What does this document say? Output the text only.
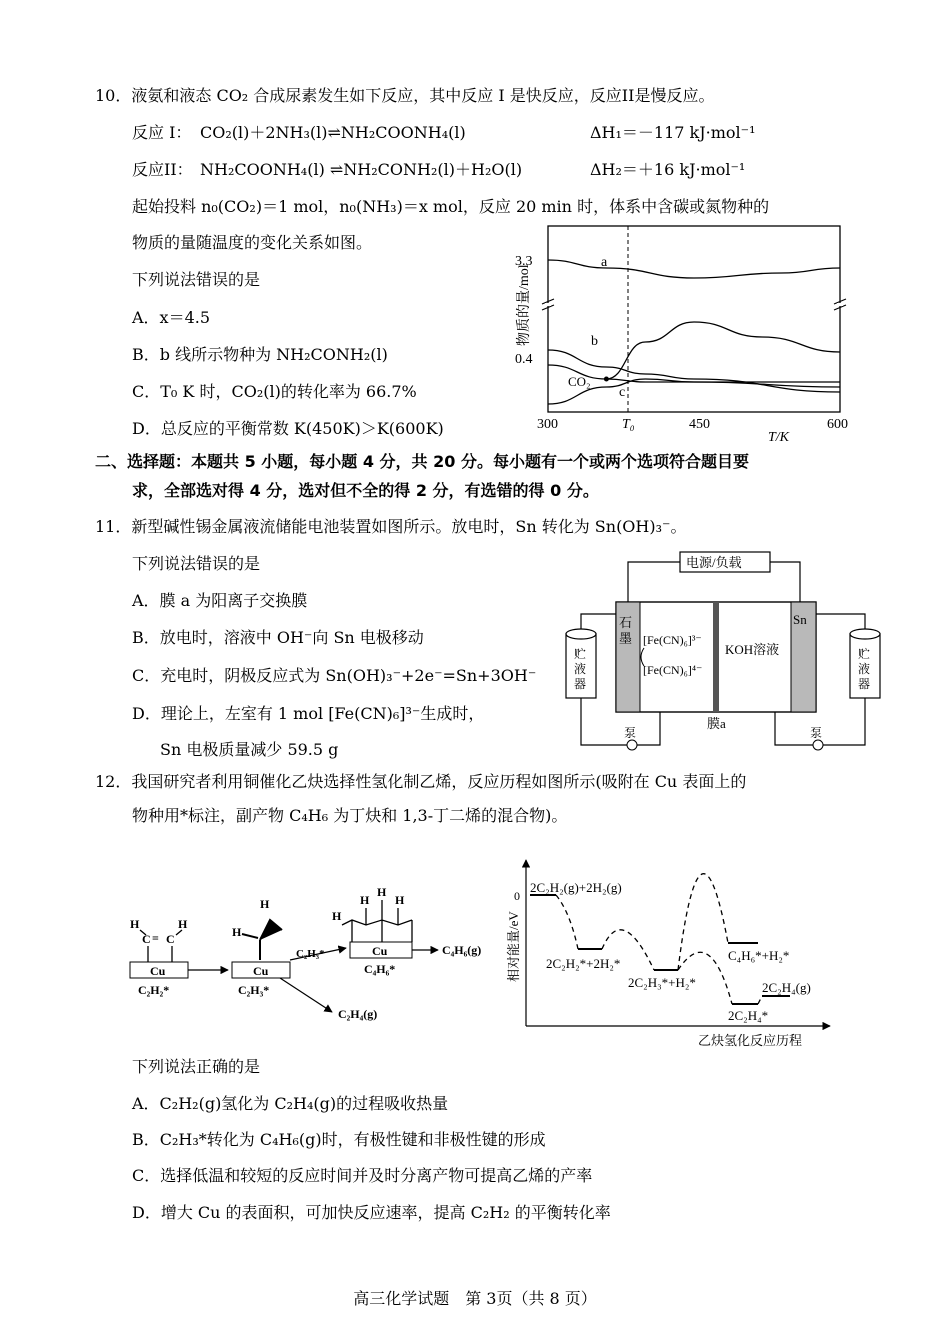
10．液氨和液态 CO₂ 合成尿素发生如下反应，其中反应 I 是快反应，反应II是慢反应。
反应 I： CO₂(l)＋2NH₃(l)⇌NH₂COONH₄(l)	ΔH₁＝－117 kJ·mol⁻¹
反应II： NH₂COONH₄(l) ⇌NH₂CONH₂(l)＋H₂O(l)	ΔH₂＝＋16 kJ·mol⁻¹
起始投料 n₀(CO₂)＝1 mol，n₀(NH₃)＝x mol，反应 20 min 时，体系中含碳或氮物种的
物质的量随温度的变化关系如图。
下列说法错误的是
A．x＝4.5
B．b 线所示物种为 NH₂CONH₂(l)
C．T₀ K 时，CO₂(l)的转化率为 66.7%
D．总反应的平衡常数 K(450K)＞K(600K)
3.3
0.4
300	T₀	450	600
T/K
物质的量/mol
a
b
CO₂
c
二、选择题：本题共 5 小题，每小题 4 分，共 20 分。每小题有一个或两个选项符合题目要
求，全部选对得 4 分，选对但不全的得 2 分，有选错的得 0 分。
11．新型碱性锡金属液流储能电池装置如图所示。放电时，Sn 转化为 Sn(OH)₃⁻。
下列说法错误的是
A．膜 a 为阳离子交换膜
B．放电时，溶液中 OH⁻向 Sn 电极移动
C．充电时，阴极反应式为 Sn(OH)₃⁻+2e⁻=Sn+3OH⁻
D．理论上，左室有 1 mol [Fe(CN)₆]³⁻生成时，
Sn 电极质量减少 59.5 g
电源/负载
石
墨 [Fe(CN)₆]³⁻
[Fe(CN)₆]⁴⁻
KOH溶液
Sn
膜a
贮
液
器
贮
液
器
泵	泵
12．我国研究者利用铜催化乙炔选择性氢化制乙烯，反应历程如图所示(吸附在 Cu 表面上的
物种用*标注，副产物 C₄H₆ 为丁炔和 1,3-丁二烯的混合物)。
Cu
C₂H₂*
C C
=
H	H
Cu
C₂H₃*
H
H
C₂H₃*
C₂H₄(g)
Cu
C₄H₆*
H
H
H
H
C₄H₆(g) 相对能量/eV
0
乙炔氢化反应历程
2C₂H₂(g)+2H₂(g)
2C₂H₂*+2H₂*
2C₂H₃*+H₂*
C₄H₆*+H₂*
2C₂H₄*
2C₂H₄(g)
下列说法正确的是
A．C₂H₂(g)氢化为 C₂H₄(g)的过程吸收热量
B．C₂H₃*转化为 C₄H₆(g)时，有极性键和非极性键的形成
C．选择低温和较短的反应时间并及时分离产物可提高乙烯的产率
D．增大 Cu 的表面积，可加快反应速率，提高 C₂H₂ 的平衡转化率
高三化学试题　第 3页（共 8 页）
